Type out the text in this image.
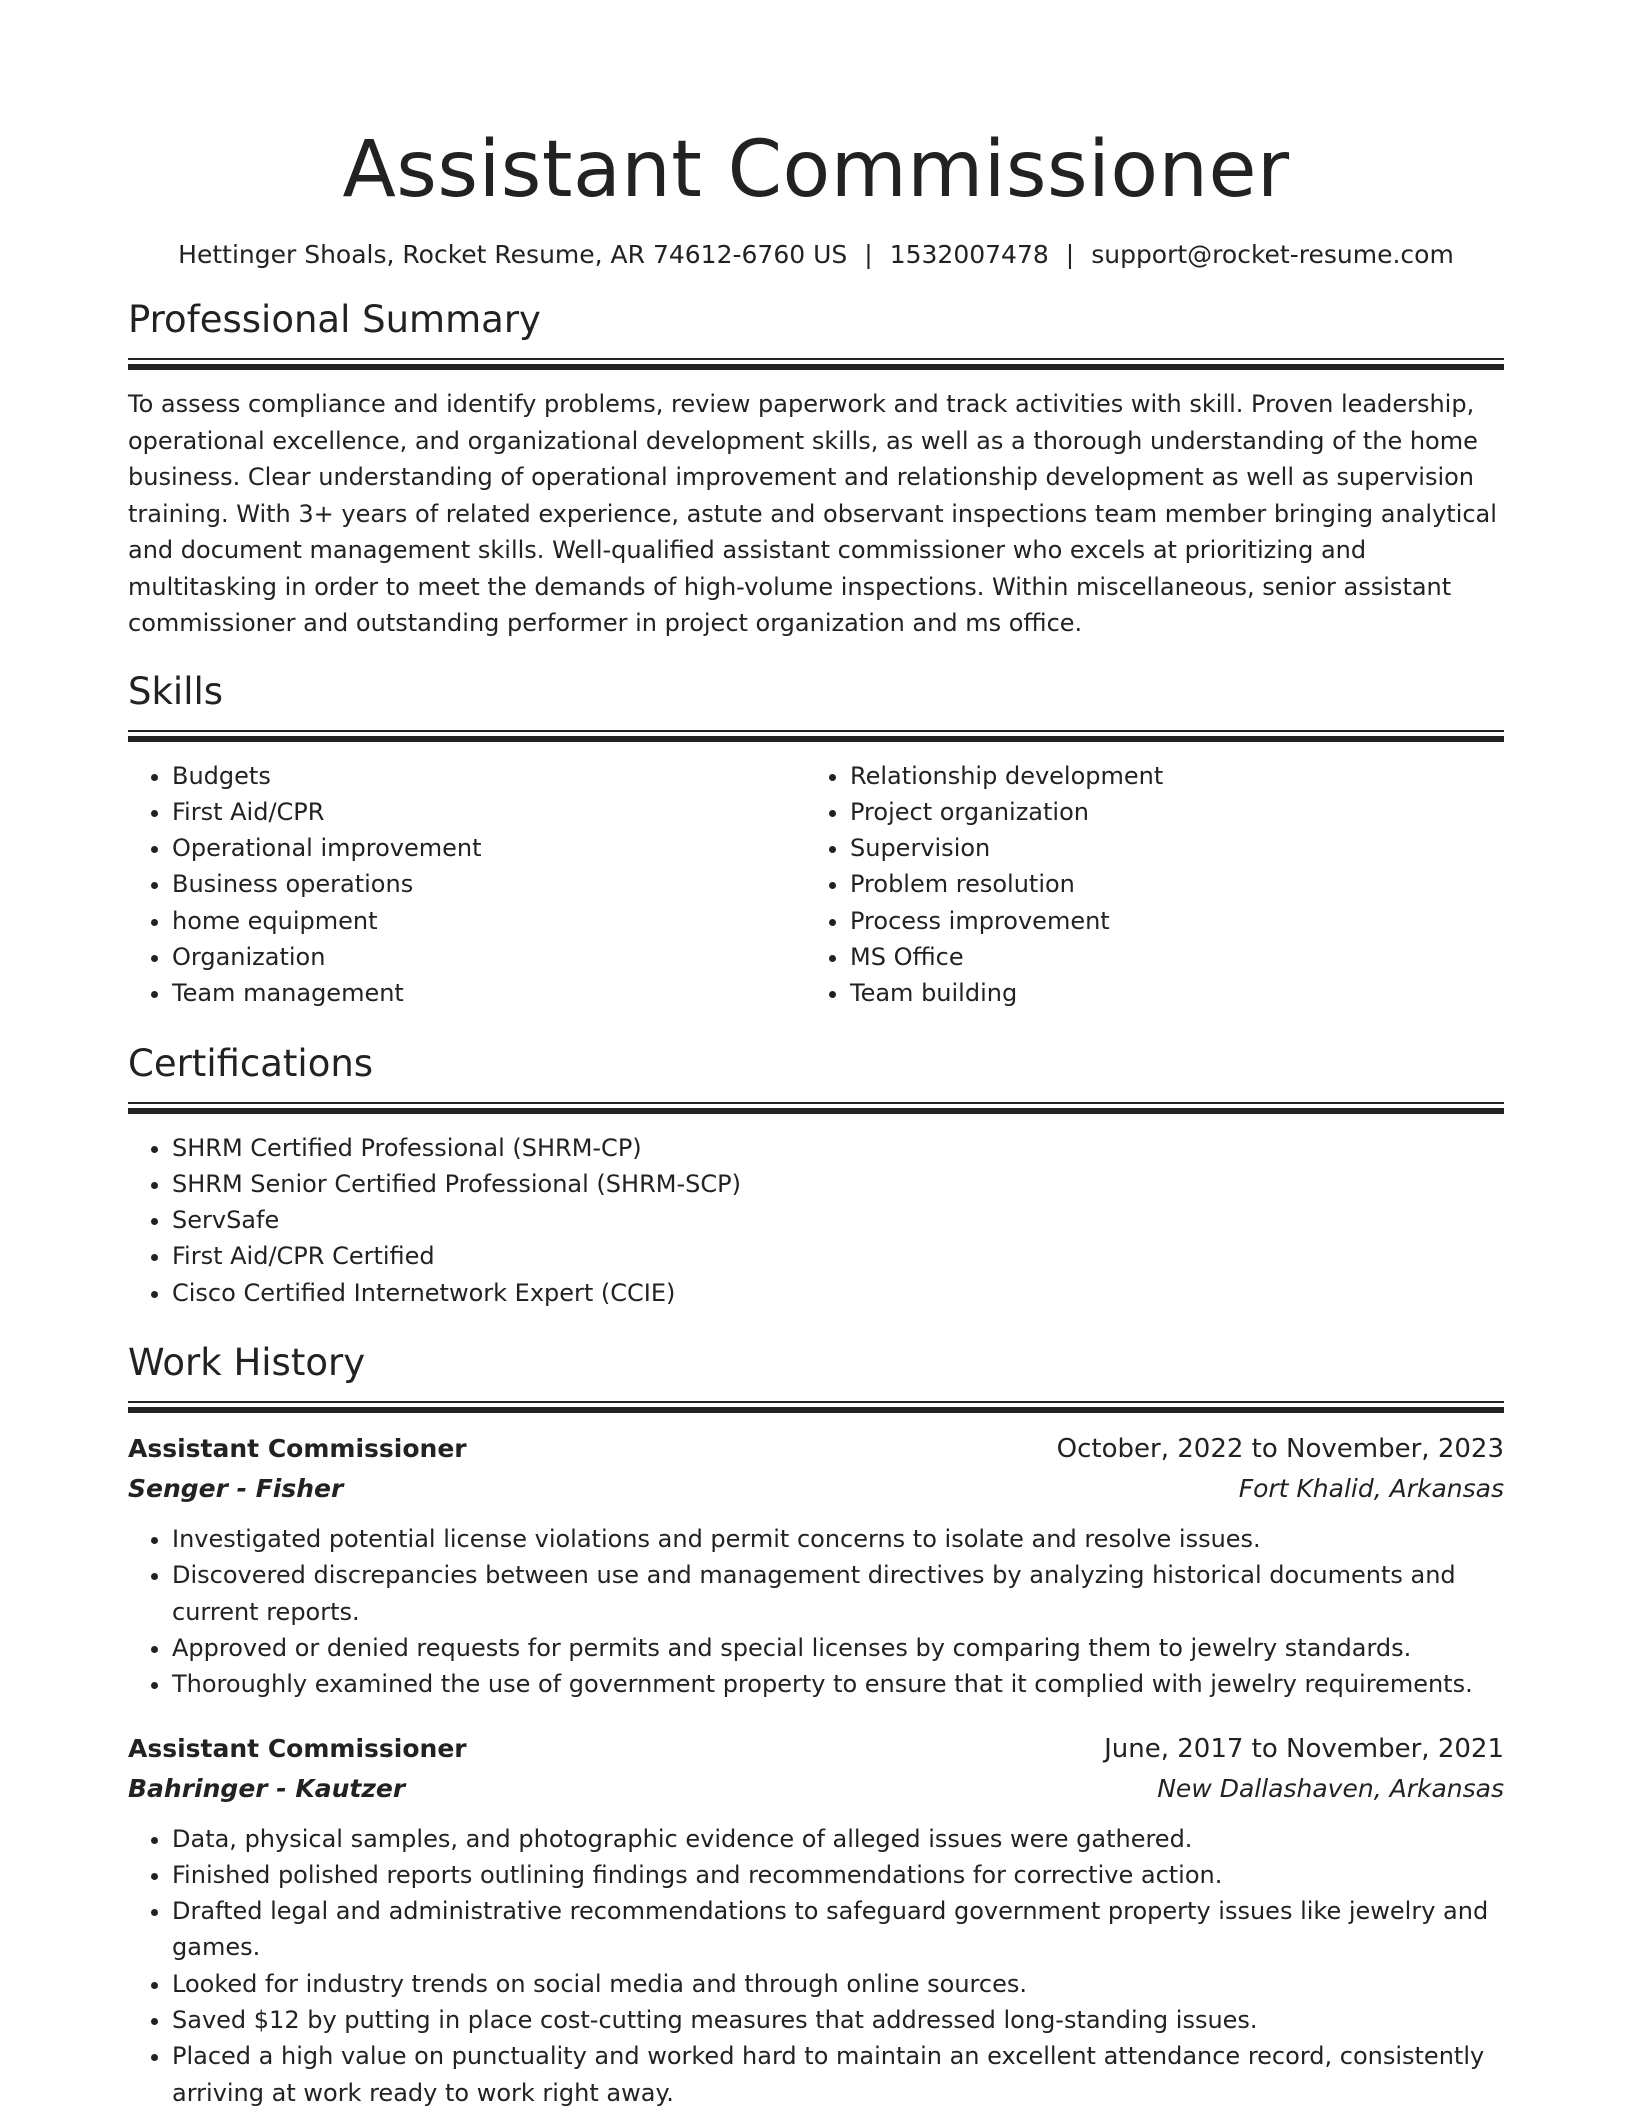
Assistant Commissioner
Hettinger Shoals, Rocket Resume, AR 74612-6760 US | 1532007478 | support@rocket-resume.com
Professional Summary

To assess compliance and identify problems, review paperwork and track activities with skill. Proven leadership, operational excellence, and organizational development skills, as well as a thorough understanding of the home business. Clear understanding of operational improvement and relationship development as well as supervision training. With 3+ years of related experience, astute and observant inspections team member bringing analytical and document management skills. Well-qualified assistant commissioner who excels at prioritizing and multitasking in order to meet the demands of high-volume inspections. Within miscellaneous, senior assistant commissioner and outstanding performer in project organization and ms office.

Skills
• Budgets
• First Aid/CPR
• Operational improvement
• Business operations
• home equipment
• Organization
• Team management
• Relationship development
• Project organization
• Supervision
• Problem resolution
• Process improvement
• MS Office
• Team building
Certifications
• SHRM Certified Professional (SHRM-CP)
• SHRM Senior Certified Professional (SHRM-SCP)
• ServSafe
• First Aid/CPR Certified
• Cisco Certified Internetwork Expert (CCIE)
Work History
Assistant Commissioner	October, 2022 to November, 2023
Senger - Fisher	Fort Khalid, Arkansas
• Investigated potential license violations and permit concerns to isolate and resolve issues.
• Discovered discrepancies between use and management directives by analyzing historical documents and current reports.
• Approved or denied requests for permits and special licenses by comparing them to jewelry standards.
• Thoroughly examined the use of government property to ensure that it complied with jewelry requirements.
Assistant Commissioner	June, 2017 to November, 2021
Bahringer - Kautzer	New Dallashaven, Arkansas
• Data, physical samples, and photographic evidence of alleged issues were gathered.
• Finished polished reports outlining findings and recommendations for corrective action.
• Drafted legal and administrative recommendations to safeguard government property issues like jewelry and games.
• Looked for industry trends on social media and through online sources.
• Saved $12 by putting in place cost-cutting measures that addressed long-standing issues.
• Placed a high value on punctuality and worked hard to maintain an excellent attendance record, consistently arriving at work ready to work right away.
